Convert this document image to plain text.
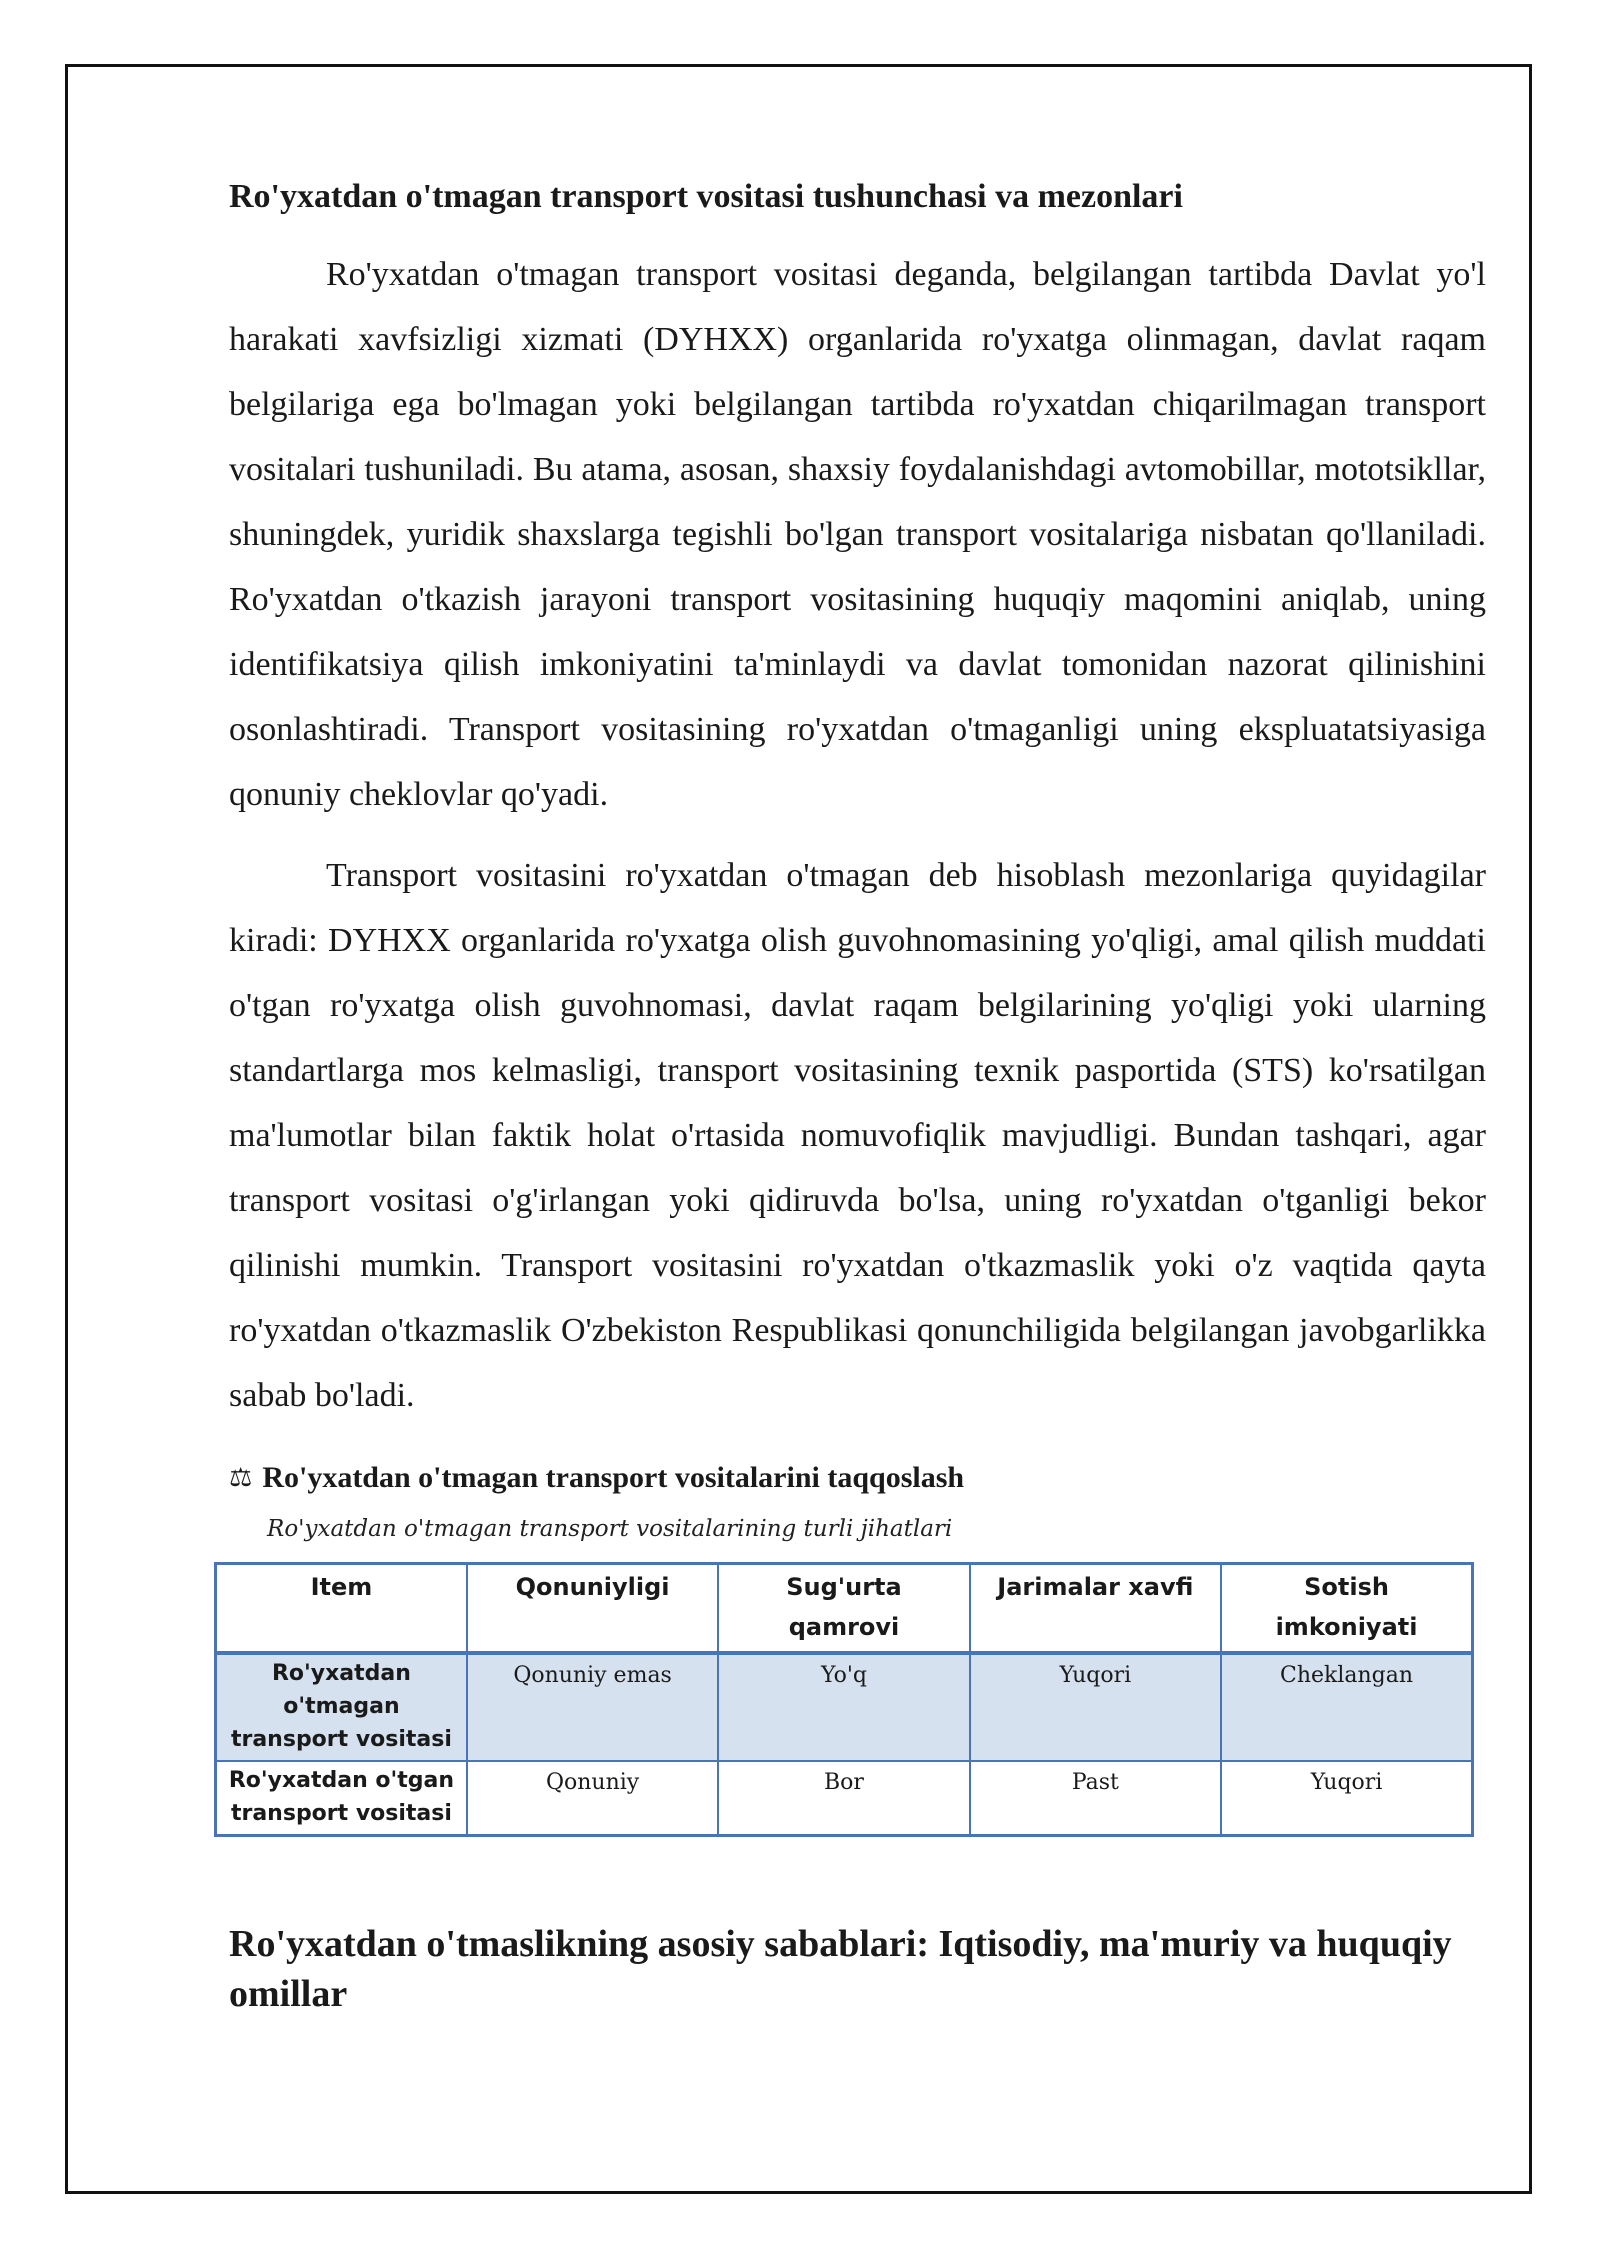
Ro'yxatdan o'tmagan transport vositasi tushunchasi va mezonlari

Ro'yxatdan o'tmagan transport vositasi deganda, belgilangan tartibda Davlat yo'l harakati xavfsizligi xizmati (DYHXX) organlarida ro'yxatga olinmagan, davlat raqam belgilariga ega bo'lmagan yoki belgilangan tartibda ro'yxatdan chiqarilmagan transport vositalari tushuniladi. Bu atama, asosan, shaxsiy foydalanishdagi avtomobillar, mototsikllar, shuningdek, yuridik shaxslarga tegishli bo'lgan transport vositalariga nisbatan qo'llaniladi. Ro'yxatdan o'tkazish jarayoni transport vositasining huquqiy maqomini aniqlab, uning identifikatsiya qilish imkoniyatini ta'minlaydi va davlat tomonidan nazorat qilinishini osonlashtiradi. Transport vositasining ro'yxatdan o'tmaganligi uning ekspluatatsiyasiga qonuniy cheklovlar qo'yadi.

Transport vositasini ro'yxatdan o'tmagan deb hisoblash mezonlariga quyidagilar kiradi: DYHXX organlarida ro'yxatga olish guvohnomasining yo'qligi, amal qilish muddati o'tgan ro'yxatga olish guvohnomasi, davlat raqam belgilarining yo'qligi yoki ularning standartlarga mos kelmasligi, transport vositasining texnik pasportida (STS) ko'rsatilgan ma'lumotlar bilan faktik holat o'rtasida nomuvofiqlik mavjudligi. Bundan tashqari, agar transport vositasi o'g'irlangan yoki qidiruvda bo'lsa, uning ro'yxatdan o'tganligi bekor qilinishi mumkin. Transport vositasini ro'yxatdan o'tkazmaslik yoki o'z vaqtida qayta ro'yxatdan o'tkazmaslik O'zbekiston Respublikasi qonunchiligida belgilangan javobgarlikka sabab bo'ladi.

⚖ Ro'yxatdan o'tmagan transport vositalarini taqqoslash
Ro'yxatdan o'tmagan transport vositalarining turli jihatlari
Item	Qonuniyligi	Sug'urta qamrovi	Jarimalar xavfi	Sotish imkoniyati
Ro'yxatdan o'tmagan transport vositasi	Qonuniy emas	Yo'q	Yuqori	Cheklangan
Ro'yxatdan o'tgan transport vositasi	Qonuniy	Bor	Past	Yuqori
Ro'yxatdan o'tmaslikning asosiy sabablari: Iqtisodiy, ma'muriy va huquqiy omillar
